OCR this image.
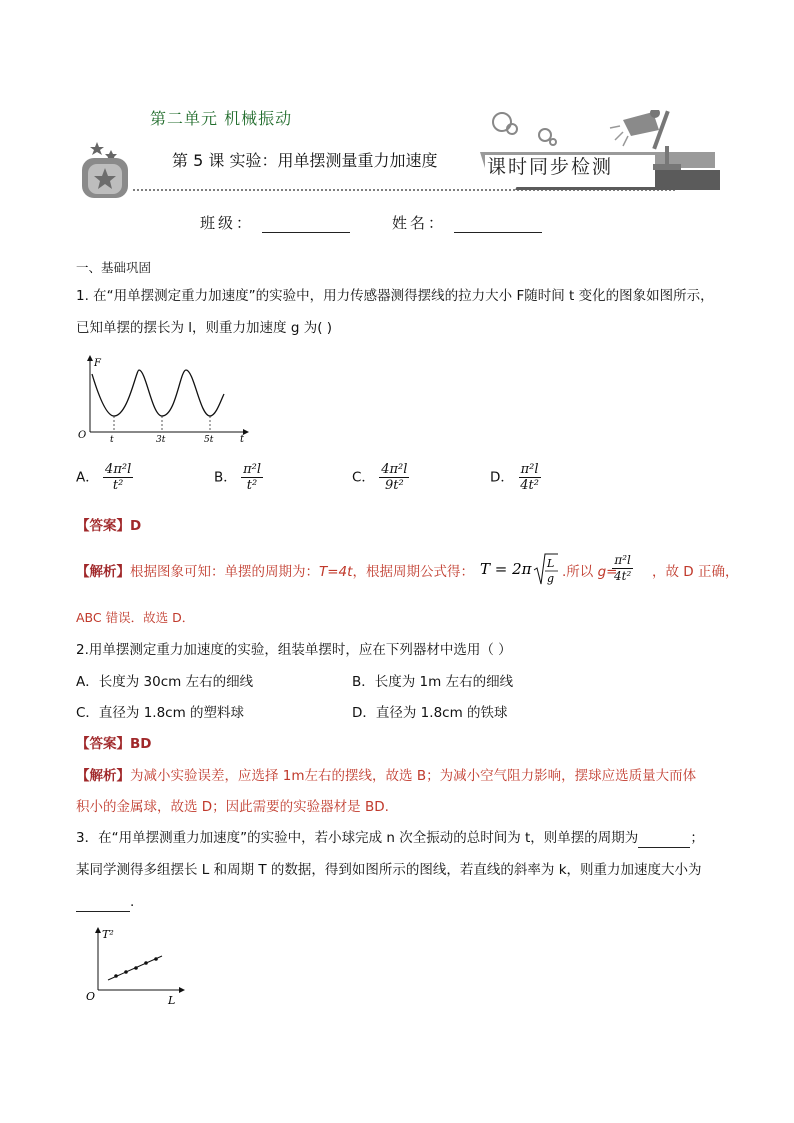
第二单元 机械振动
第 5 课 实验：用单摆测量重力加速度	课时同步检测
班级：	姓名：
一、基础巩固
1. 在“用单摆测定重力加速度”的实验中，用力传感器测得摆线的拉力大小 F随时间 t 变化的图象如图所示，
已知单摆的摆长为 l，则重力加速度 g 为( )
F
O	t	3t	5t	t
A． $\frac{\text{4π²l}}{\text{t²}}$	B． $\frac{\text{π²l}}{\text{t²}}$	C． $\frac{\text{4π²l}}{\text{9t²}}$	D． $\frac{\text{π²l}}{\text{4t²}}$
【答案】D
【解析】根据图象可知：单摆的周期为：T=4t，根据周期公式得： T = 2π L
g .所以 g=
$\frac{\text{π²l}}{\text{4t²}}$ ，故 D 正确，
ABC 错误．故选 D．
2.用单摆测定重力加速度的实验，组装单摆时，应在下列器材中选用（ ）
A．长度为 30cm 左右的细线	B．长度为 1m 左右的细线
C．直径为 1.8cm 的塑料球	D．直径为 1.8cm 的铁球
【答案】BD
【解析】为减小实验误差，应选择 1m左右的摆线，故选 B；为减小空气阻力影响，摆球应选质量大而体
积小的金属球，故选 D；因此需要的实验器材是 BD.
3．在“用单摆测重力加速度”的实验中，若小球完成 n 次全振动的总时间为 t，则单摆的周期为	；
某同学测得多组摆长 L 和周期 T 的数据，得到如图所示的图线，若直线的斜率为 k，则重力加速度大小为
.
T²
O	L
